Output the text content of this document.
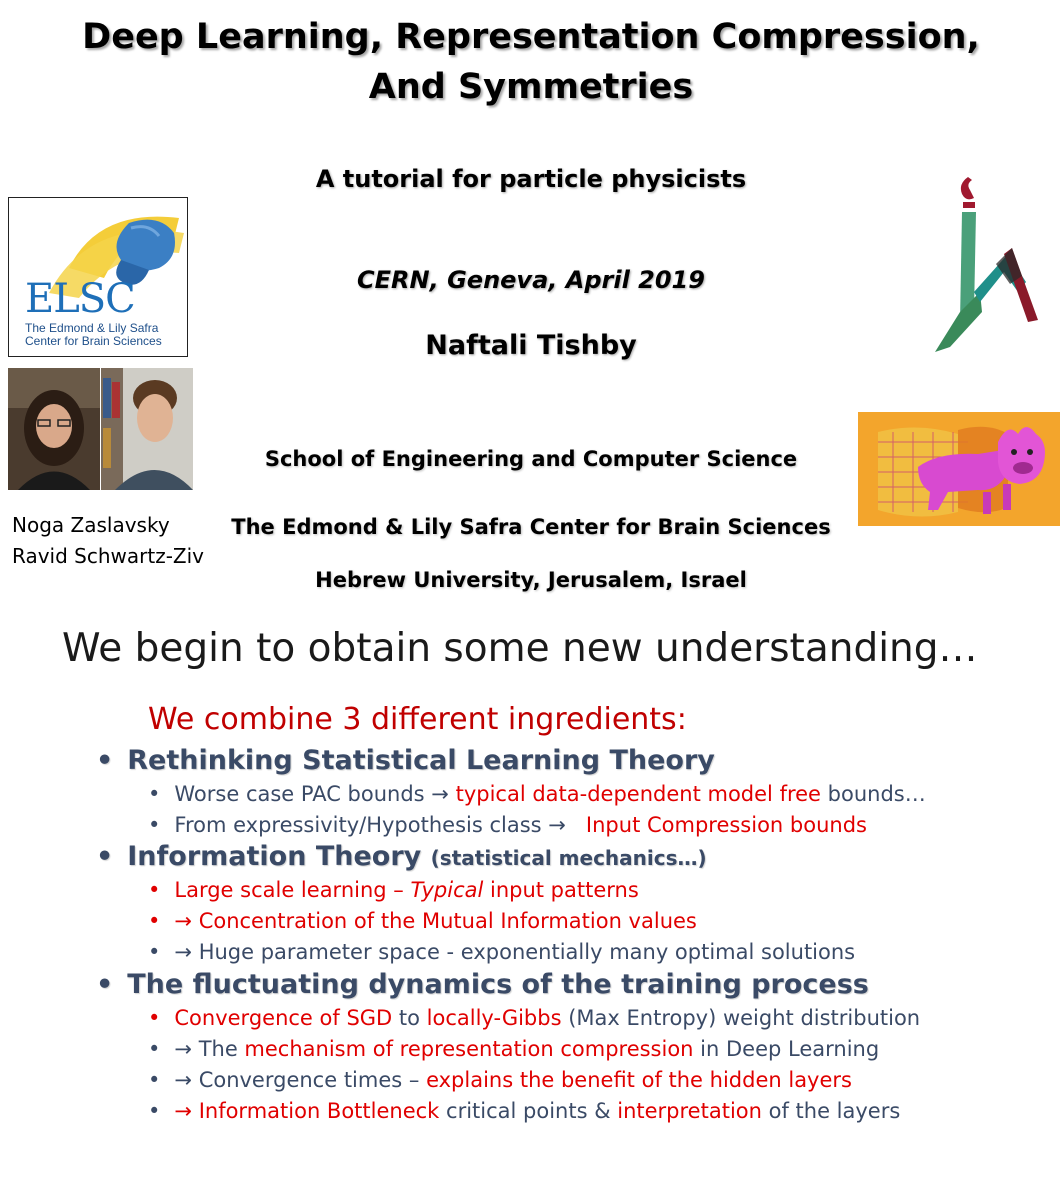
Deep Learning, Representation Compression,
And Symmetries
A tutorial for particle physicists
CERN, Geneva, April 2019
Naftali Tishby
School of Engineering and Computer Science
The Edmond & Lily Safra Center for Brain Sciences
Hebrew University, Jerusalem, Israel
ELSC
The Edmond & Lily Safra
Center for Brain Sciences
Noga Zaslavsky
Ravid Schwartz-Ziv
We begin to obtain some new understanding…
We combine 3 different ingredients:
• Rethinking Statistical Learning Theory
• Worse case PAC bounds → typical data-dependent model free bounds…
• From expressivity/Hypothesis class → Input Compression bounds
• Information Theory (statistical mechanics…)
• Large scale learning – Typical input patterns
• → Concentration of the Mutual Information values
• → Huge parameter space - exponentially many optimal solutions
• The fluctuating dynamics of the training process
• Convergence of SGD to locally-Gibbs (Max Entropy) weight distribution
• → The mechanism of representation compression in Deep Learning
• → Convergence times – explains the benefit of the hidden layers
• → Information Bottleneck critical points & interpretation of the layers
